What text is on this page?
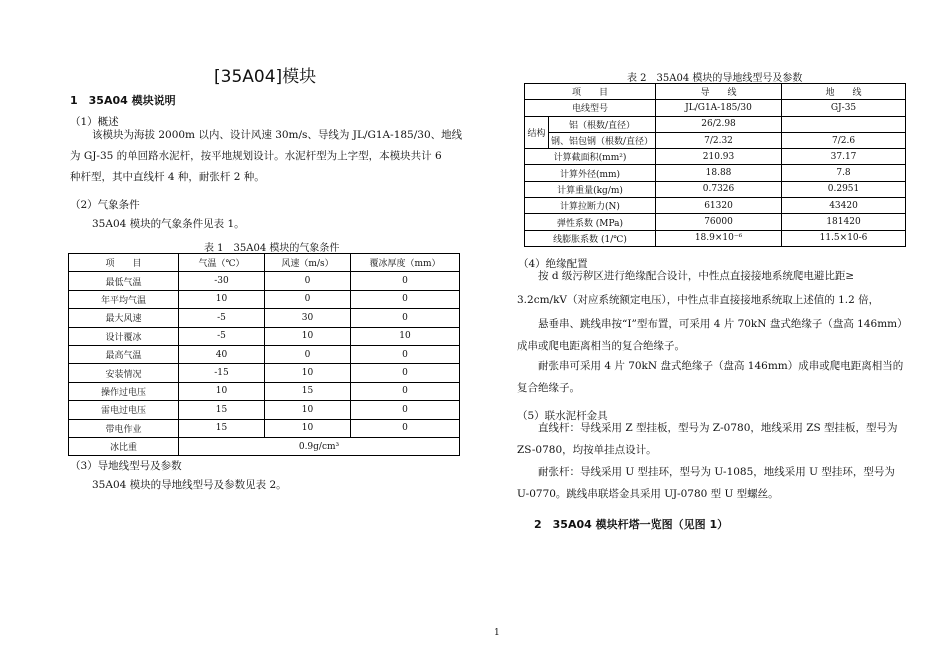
[35A04]模块
1　35A04 模块说明
（1）概述
该模块为海拔 2000m 以内、设计风速 30m/s、导线为 JL/G1A-185/30、地线
为 GJ-35 的单回路水泥杆，按平地规划设计。水泥杆型为上字型，本模块共计 6
种杆型，其中直线杆 4 种，耐张杆 2 种。
（2）气象条件
35A04 模块的气象条件见表 1。
表 1　35A04 模块的气象条件
项　　目	气温（℃）	风速（m/s）	覆冰厚度（mm）
最低气温	-30	0	0
年平均气温	10	0	0
最大风速	-5	30	0
设计覆冰	-5	10	10
最高气温	40	0	0
安装情况	-15	10	0
操作过电压	10	15	0
雷电过电压	15	10	0
带电作业	15	10	0
冰比重	0.9g/cm³		
（3）导地线型号及参数
35A04 模块的导地线型号及参数见表 2。
表 2　35A04 模块的导地线型号及参数
项　　目		导　　线	地　　线
电线型号		JL/G1A-185/30	GJ-35
结构	铝（根数/直径）	26/2.98	
	钢、铝包钢（根数/直径）	7/2.32	7/2.6
计算截面积(mm²)		210.93	37.17
计算外径(mm)		18.88	7.8
计算重量(kg/m)		0.7326	0.2951
计算拉断力(N)		61320	43420
弹性系数 (MPa)		76000	181420
线膨胀系数 (1/℃)		18.9×10⁻⁶	11.5×10-6
（4）绝缘配置
按 d 级污秽区进行绝缘配合设计，中性点直接接地系统爬电避比距≥
3.2cm/kV（对应系统额定电压），中性点非直接接地系统取上述值的 1.2 倍，
悬垂串、跳线串按“I”型布置，可采用 4 片 70kN 盘式绝缘子（盘高 146mm）
成串或爬电距离相当的复合绝缘子。
耐张串可采用 4 片 70kN 盘式绝缘子（盘高 146mm）成串或爬电距离相当的
复合绝缘子。
（5）联水泥杆金具
直线杆：导线采用 Z 型挂板，型号为 Z-0780，地线采用 ZS 型挂板，型号为
ZS-0780，均按单挂点设计。
耐张杆：导线采用 U 型挂环，型号为 U-1085，地线采用 U 型挂环，型号为
U-0770。跳线串联塔金具采用 UJ-0780 型 U 型螺丝。
2　35A04 模块杆塔一览图（见图 1）
1
